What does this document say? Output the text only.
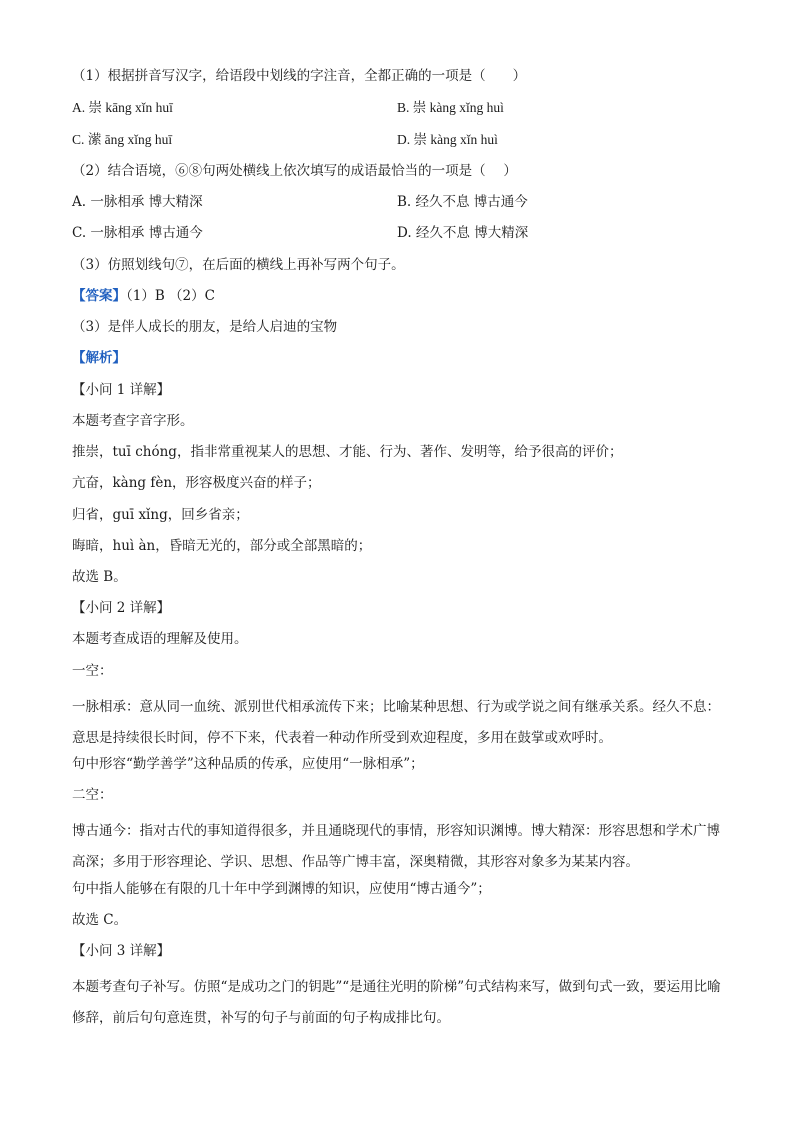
（1）根据拼音写汉字，给语段中划线的字注音，全都正确的一项是（　　）
A. 崇 kāng xǐn huī	B. 崇 kàng xǐng huì
C. 潆 āng xǐng huī	D. 崇 kàng xǐn huì
（2）结合语境，⑥⑧句两处横线上依次填写的成语最恰当的一项是（　 ）
A. 一脉相承 博大精深	B. 经久不息 博古通今
C. 一脉相承 博古通今	D. 经久不息 博大精深
（3）仿照划线句⑦，在后面的横线上再补写两个句子。
【答案】（1）B （2）C
（3）是伴人成长的朋友，是给人启迪的宝物
【解析】
【小问 1 详解】
本题考查字音字形。
推崇，tuī chóng，指非常重视某人的思想、才能、行为、著作、发明等，给予很高的评价；
亢奋，kàng fèn，形容极度兴奋的样子；
归省，guī xǐng，回乡省亲；
晦暗，huì àn，昏暗无光的，部分或全部黑暗的；
故选 B。
【小问 2 详解】
本题考查成语的理解及使用。
一空：
一脉相承：意从同一血统、派别世代相承流传下来；比喻某种思想、行为或学说之间有继承关系。经久不息：意思是持续很长时间，停不下来，代表着一种动作所受到欢迎程度，多用在鼓掌或欢呼时。
句中形容“勤学善学”这种品质的传承，应使用“一脉相承”；
二空：
博古通今：指对古代的事知道得很多，并且通晓现代的事情，形容知识渊博。博大精深：形容思想和学术广博高深；多用于形容理论、学识、思想、作品等广博丰富，深奥精微，其形容对象多为某某内容。
句中指人能够在有限的几十年中学到渊博的知识，应使用“博古通今”；
故选 C。
【小问 3 详解】
本题考查句子补写。仿照“是成功之门的钥匙”“是通往光明的阶梯”句式结构来写，做到句式一致，要运用比喻修辞，前后句句意连贯，补写的句子与前面的句子构成排比句。
